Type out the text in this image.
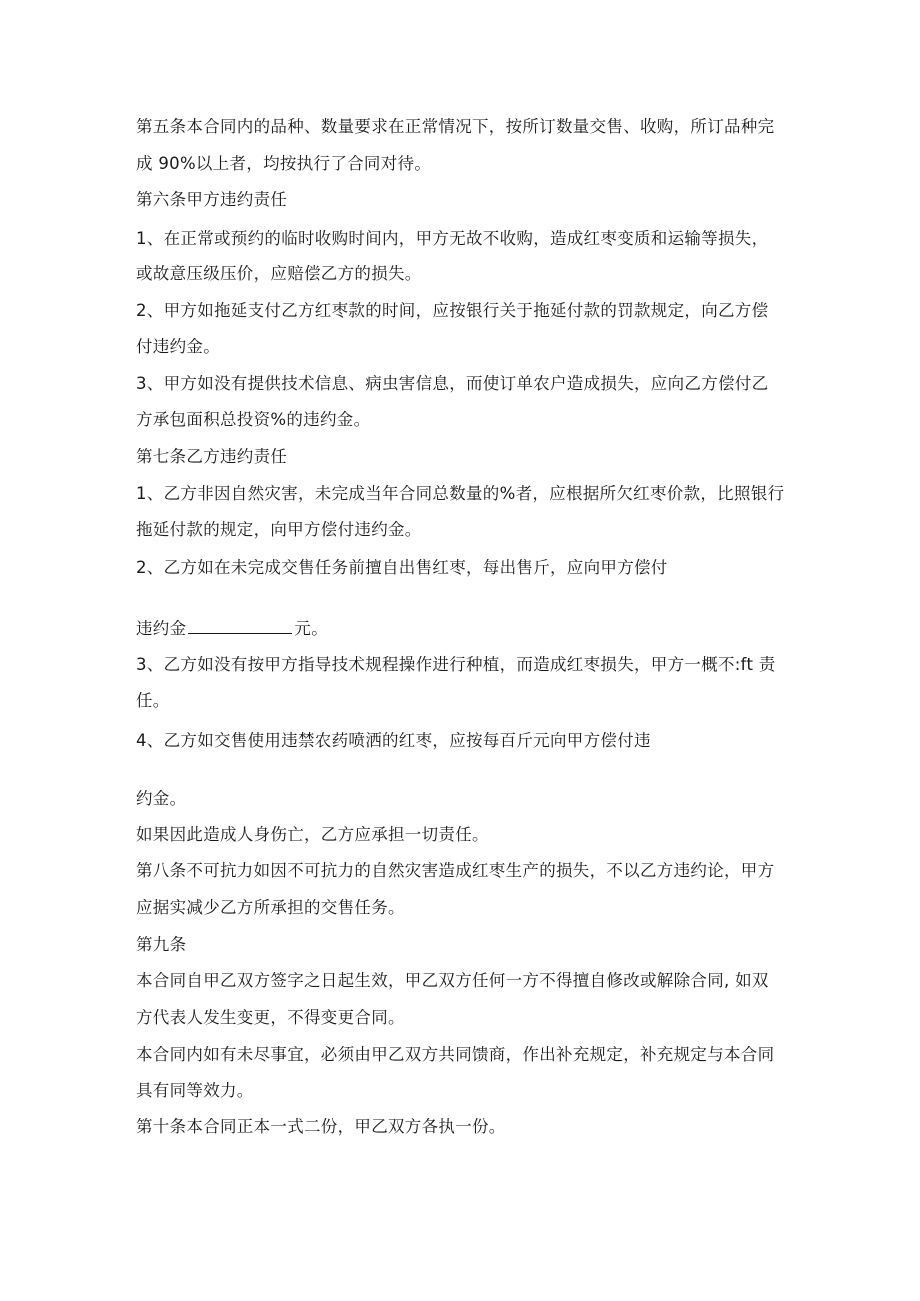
第五条本合同内的品种、数量要求在正常情况下，按所订数量交售、收购，所订品种完
成 90%以上者，均按执行了合同对待。
第六条甲方违约责任
1、在正常或预约的临时收购时间内，甲方无故不收购，造成红枣变质和运输等损失，
或故意压级压价，应赔偿乙方的损失。
2、甲方如拖延支付乙方红枣款的时间，应按银行关于拖延付款的罚款规定，向乙方偿
付违约金。
3、甲方如没有提供技术信息、病虫害信息，而使订单农户造成损失，应向乙方偿付乙
方承包面积总投资%的违约金。
第七条乙方违约责任
1、乙方非因自然灾害，未完成当年合同总数量的%者，应根据所欠红枣价款，比照银行
拖延付款的规定，向甲方偿付违约金。
2、乙方如在未完成交售任务前擅自出售红枣，每出售斤，应向甲方偿付
违约金	元。
3、乙方如没有按甲方指导技术规程操作进行种植，而造成红枣损失，甲方一概不:ft 责
任。
4、乙方如交售使用违禁农药喷洒的红枣，应按每百斤元向甲方偿付违
约金。
如果因此造成人身伤亡，乙方应承担一切责任。
第八条不可抗力如因不可抗力的自然灾害造成红枣生产的损失，不以乙方违约论，甲方
应据实减少乙方所承担的交售任务。
第九条
本合同自甲乙双方签字之日起生效，甲乙双方任何一方不得擅自修改或解除合同, 如双
方代表人发生变更，不得变更合同。
本合同内如有未尽事宜，必须由甲乙双方共同馈商，作出补充规定，补充规定与本合同
具有同等效力。
第十条本合同正本一式二份，甲乙双方各执一份。
